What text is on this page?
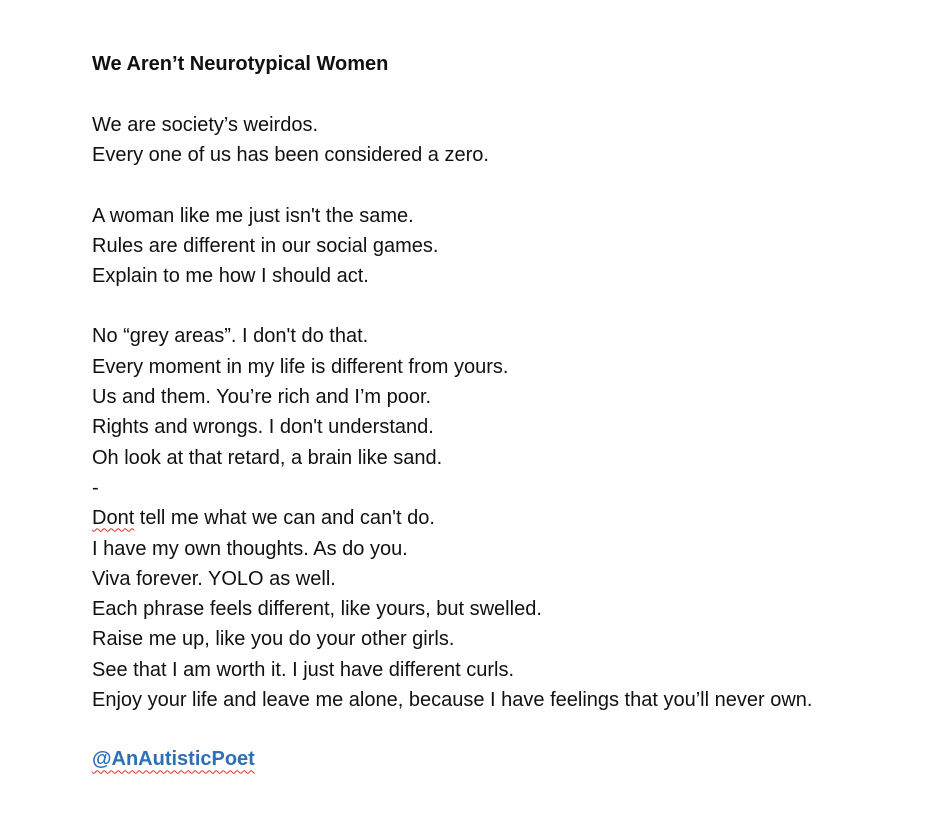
We Aren’t Neurotypical Women
We are society’s weirdos.
Every one of us has been considered a zero.
A woman like me just isn't the same.
Rules are different in our social games.
Explain to me how I should act.
No “grey areas”. I don't do that.
Every moment in my life is different from yours.
Us and them. You’re rich and I’m poor.
Rights and wrongs. I don't understand.
Oh look at that retard, a brain like sand.
-
Dont tell me what we can and can't do.
I have my own thoughts. As do you.
Viva forever. YOLO as well.
Each phrase feels different, like yours, but swelled.
Raise me up, like you do your other girls.
See that I am worth it. I just have different curls.
Enjoy your life and leave me alone, because I have feelings that you’ll never own.
@AnAutisticPoet
